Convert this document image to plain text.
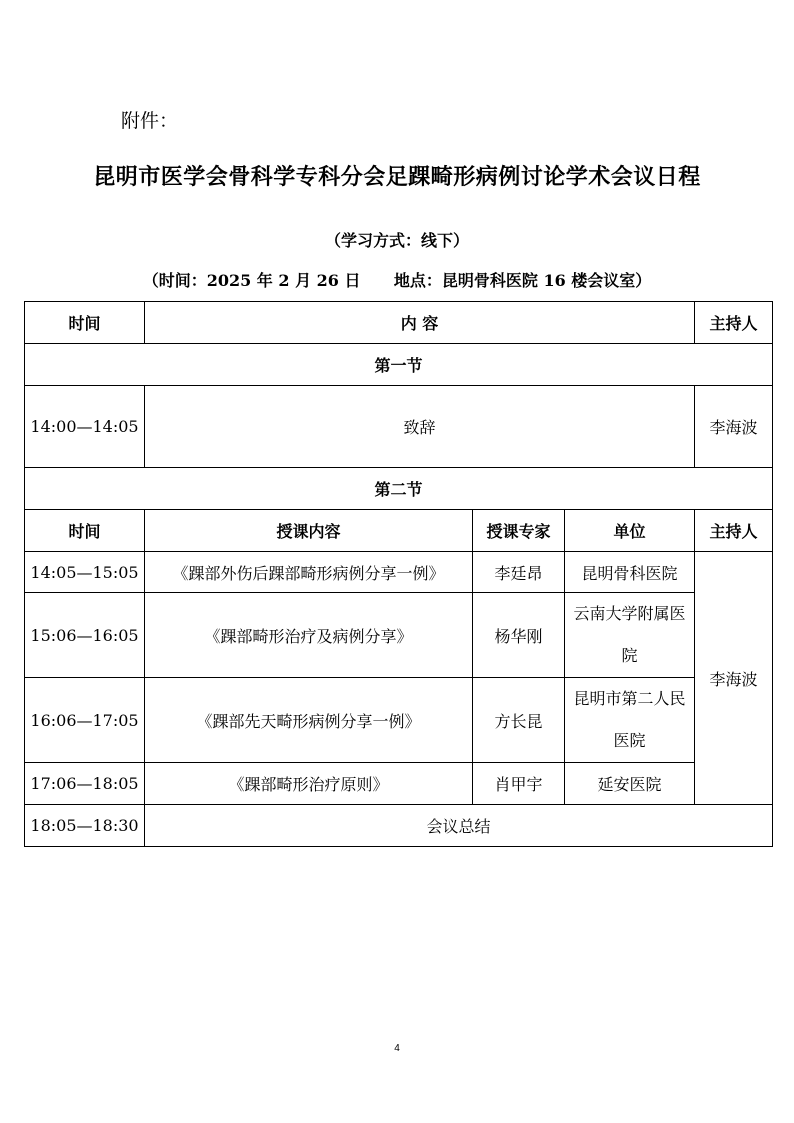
附件：
昆明市医学会骨科学专科分会足踝畸形病例讨论学术会议日程
（学习方式：线下）
（时间：2025 年 2 月 26 日      地点：昆明骨科医院 16 楼会议室）
时间	内 容			主持人
第一节				
14:00—14:05	致辞			李海波
第二节				
时间	授课内容	授课专家	单位	主持人
14:05—15:05	《踝部外伤后踝部畸形病例分享一例》	李廷昂	昆明骨科医院	李海波
15:06—16:05	《踝部畸形治疗及病例分享》	杨华刚	云南大学附属医院	
16:06—17:05	《踝部先天畸形病例分享一例》	方长昆	昆明市第二人民医院	
17:06—18:05	《踝部畸形治疗原则》	肖甲宇	延安医院	
18:05—18:30	会议总结			
4
